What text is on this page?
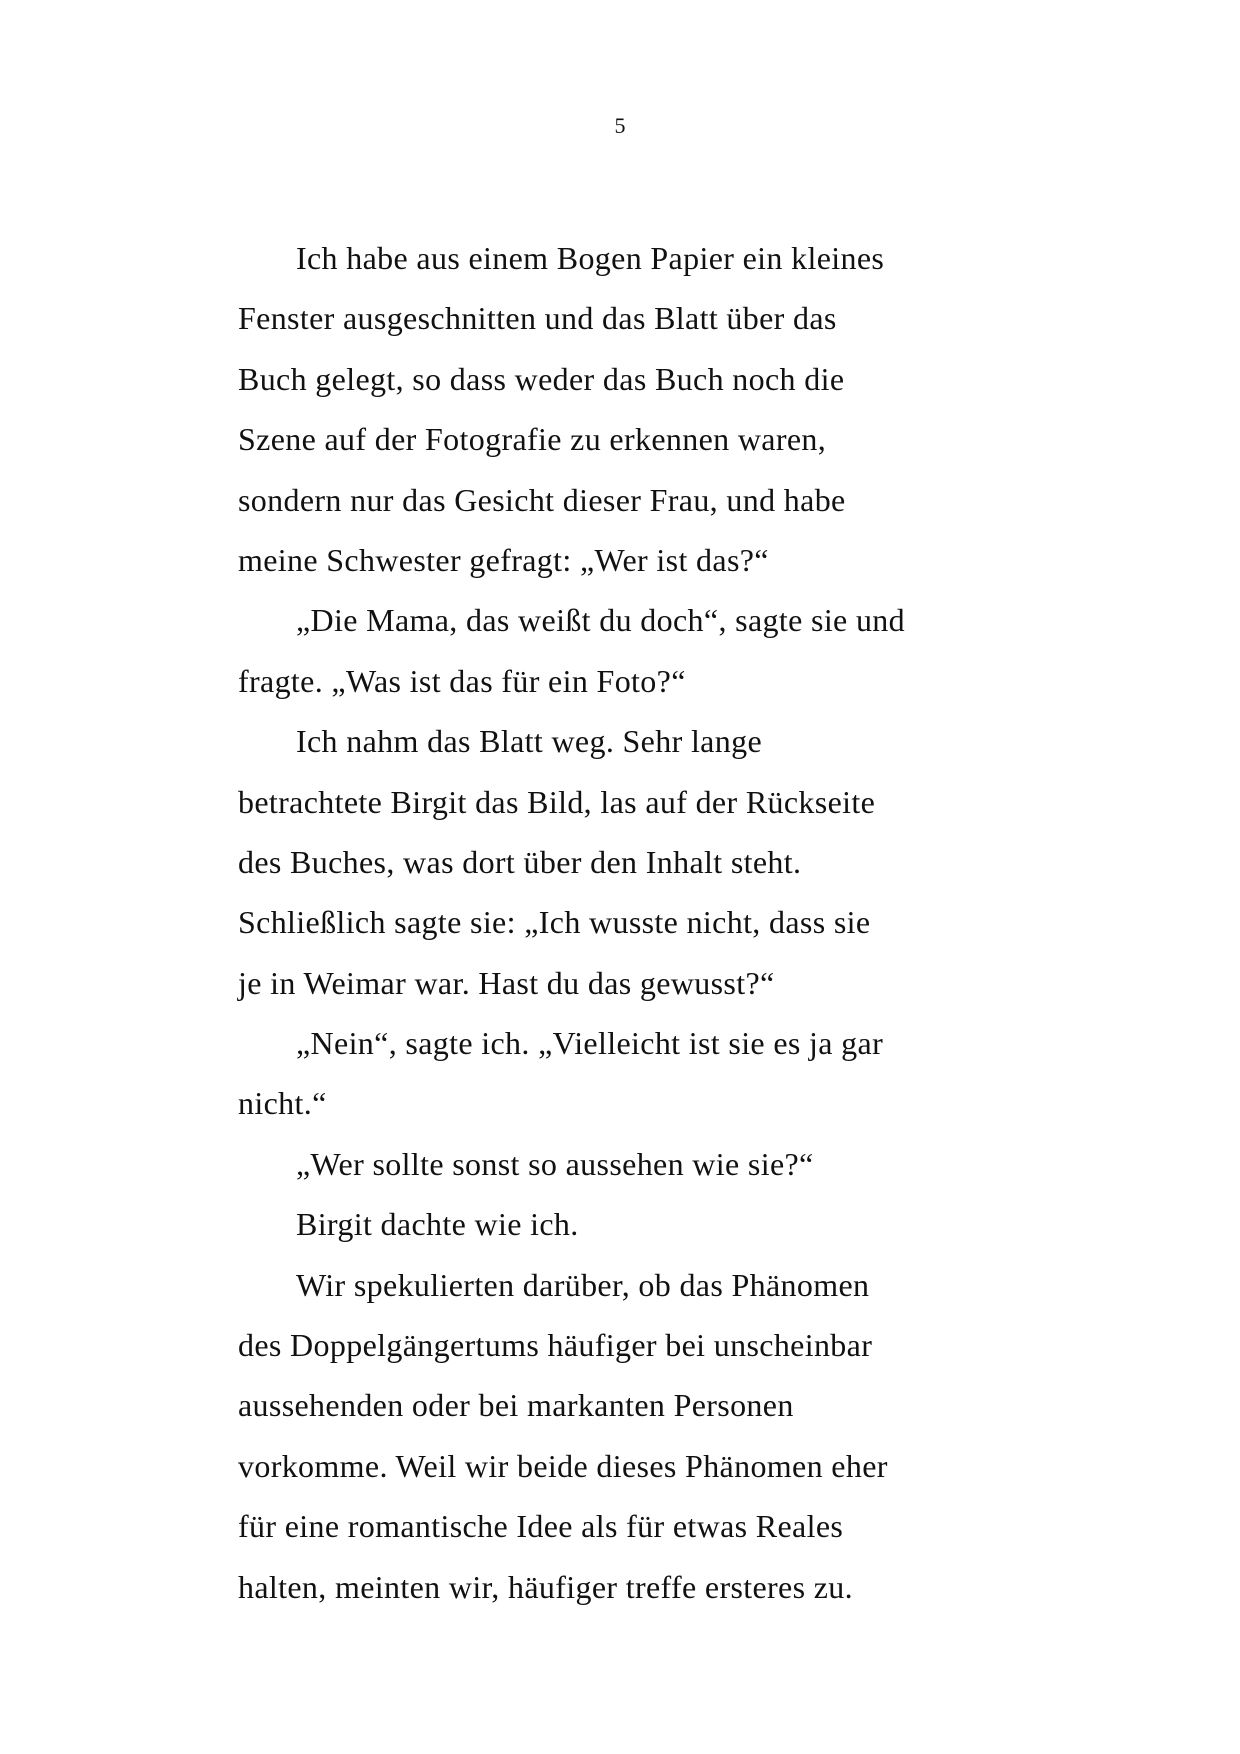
5
Ich habe aus einem Bogen Papier ein kleines
Fenster ausgeschnitten und das Blatt über das
Buch gelegt, so dass weder das Buch noch die
Szene auf der Fotografie zu erkennen waren,
sondern nur das Gesicht dieser Frau, und habe
meine Schwester gefragt: „Wer ist das?“
„Die Mama, das weißt du doch“, sagte sie und
fragte. „Was ist das für ein Foto?“
Ich nahm das Blatt weg. Sehr lange
betrachtete Birgit das Bild, las auf der Rückseite
des Buches, was dort über den Inhalt steht.
Schließlich sagte sie: „Ich wusste nicht, dass sie
je in Weimar war. Hast du das gewusst?“
„Nein“, sagte ich. „Vielleicht ist sie es ja gar
nicht.“
„Wer sollte sonst so aussehen wie sie?“
Birgit dachte wie ich.
Wir spekulierten darüber, ob das Phänomen
des Doppelgängertums häufiger bei unscheinbar
aussehenden oder bei markanten Personen
vorkomme. Weil wir beide dieses Phänomen eher
für eine romantische Idee als für etwas Reales
halten, meinten wir, häufiger treffe ersteres zu.
